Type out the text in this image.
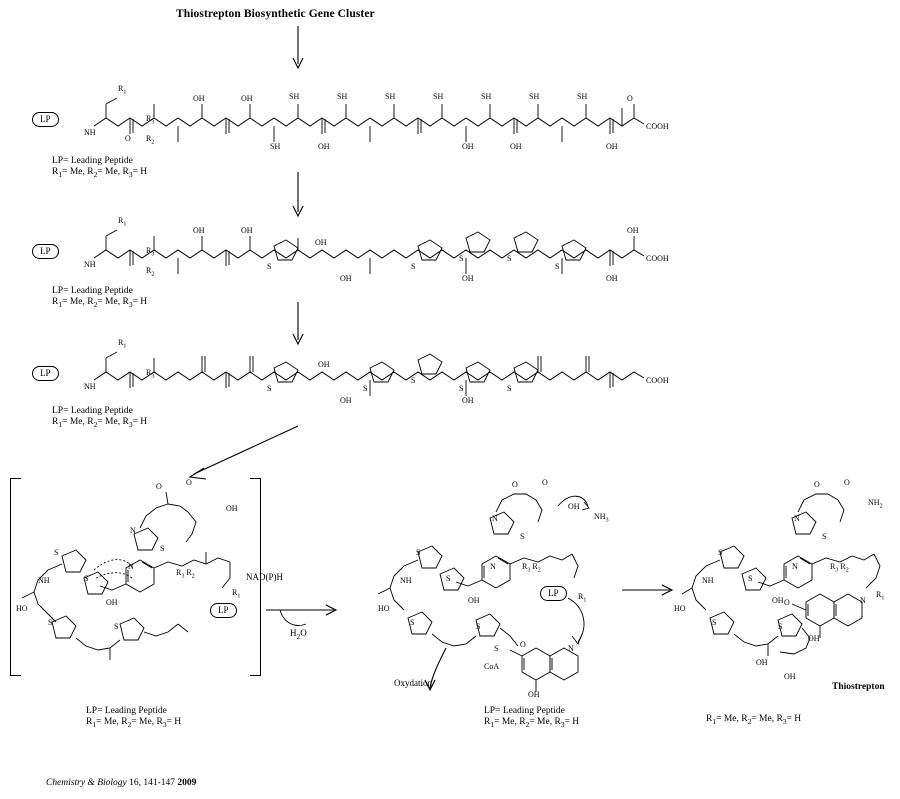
Thiostrepton Biosynthetic Gene Cluster
LP
$R_1$
OH	OH	SH	SH	SH	SH	SH	SH	SH	O
NH
O
$R_3$
$R_2$	SH	OH	OH	OH	OH
COOH
LP= Leading Peptide
$R_1= Me$, $R_2= Me$, $R_3= H$
LP
$R_1$
OH	OH
OH
OH
NH
$R_3$
$R_2$
S	S
S	S
S
OH	OH	OH
COOH
LP= Leading Peptide
$R_1= Me$, $R_2= Me$, $R_3= H$
LP
$R_1$
NH
$R_3$
S	S
S
S	S
OH
OH	OH
COOH
LP= Leading Peptide
$R_1= Me$, $R_2= Me$, $R_3= H$
LP
O	O
OH
N
S
S
S
N
NH
HO
S	S
OH
$R_3$ $R_2$
$R_1$
LP= Leading Peptide
$R_1= Me$, $R_2= Me$, $R_3= H$
NAD(P)H
$H_2O$
LP
O	O
OH
$NH_3$
N
S
S
S
N
NH
HO
S	S
OH
$R_3$ $R_2$
$R_1$
S
CoA
O
OH
N
Oxydation
LP= Leading Peptide
$R_1= Me$, $R_2= Me$, $R_3= H$
O	O
$NH_2$
N
S
S
S
N
NH
HO
S	S
OH
$R_3$ $R_2$
$R_1$
O
OH
N
OH
OH
Thiostrepton
$R_1= Me$, $R_2= Me$, $R_3= H$
Chemistry & Biology 16, 141-147 2009
